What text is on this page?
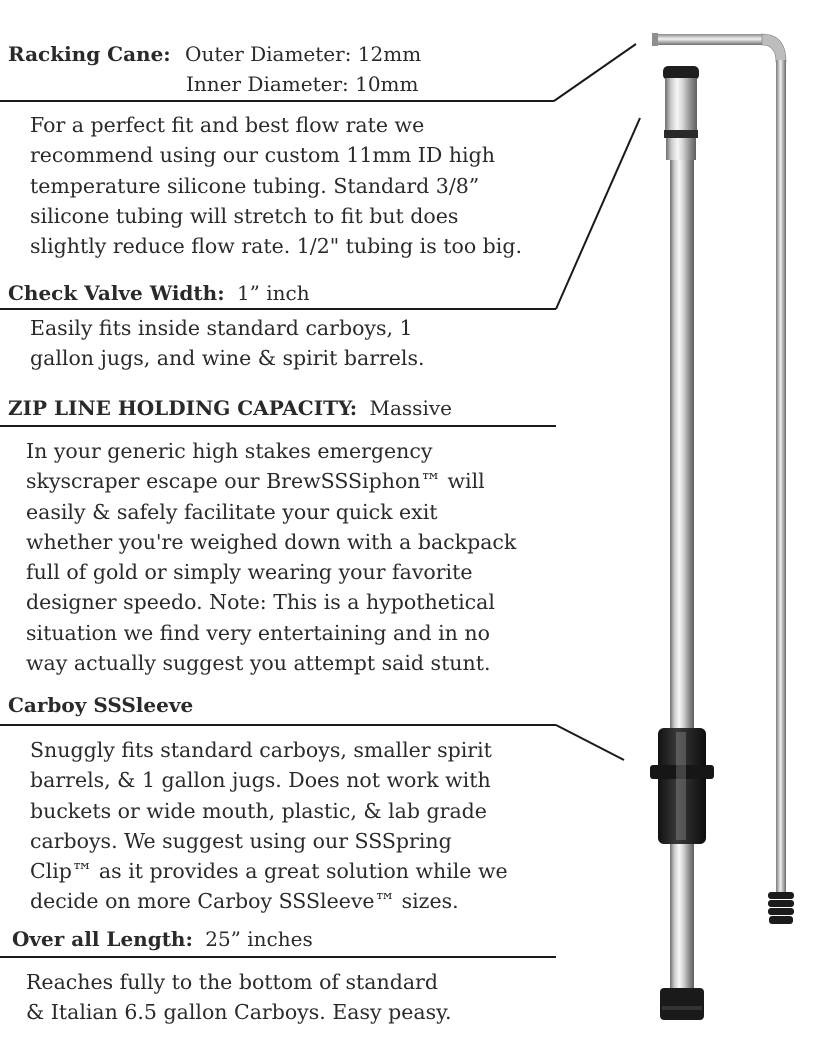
Racking Cane: Outer Diameter: 12mm
Inner Diameter: 10mm
For a perfect fit and best flow rate we
recommend using our custom 11mm ID high
temperature silicone tubing. Standard 3/8”
silicone tubing will stretch to fit but does
slightly reduce flow rate. 1/2" tubing is too big.
Check Valve Width: 1” inch
Easily fits inside standard carboys, 1
gallon jugs, and wine & spirit barrels.
ZIP LINE HOLDING CAPACITY: Massive
In your generic high stakes emergency
skyscraper escape our BrewSSSiphon™ will
easily & safely facilitate your quick exit
whether you're weighed down with a backpack
full of gold or simply wearing your favorite
designer speedo. Note: This is a hypothetical
situation we find very entertaining and in no
way actually suggest you attempt said stunt.
Carboy SSSleeve
Snuggly fits standard carboys, smaller spirit
barrels, & 1 gallon jugs. Does not work with
buckets or wide mouth, plastic, & lab grade
carboys. We suggest using our SSSpring
Clip™ as it provides a great solution while we
decide on more Carboy SSSleeve™ sizes.
Over all Length: 25” inches
Reaches fully to the bottom of standard
& Italian 6.5 gallon Carboys. Easy peasy.
